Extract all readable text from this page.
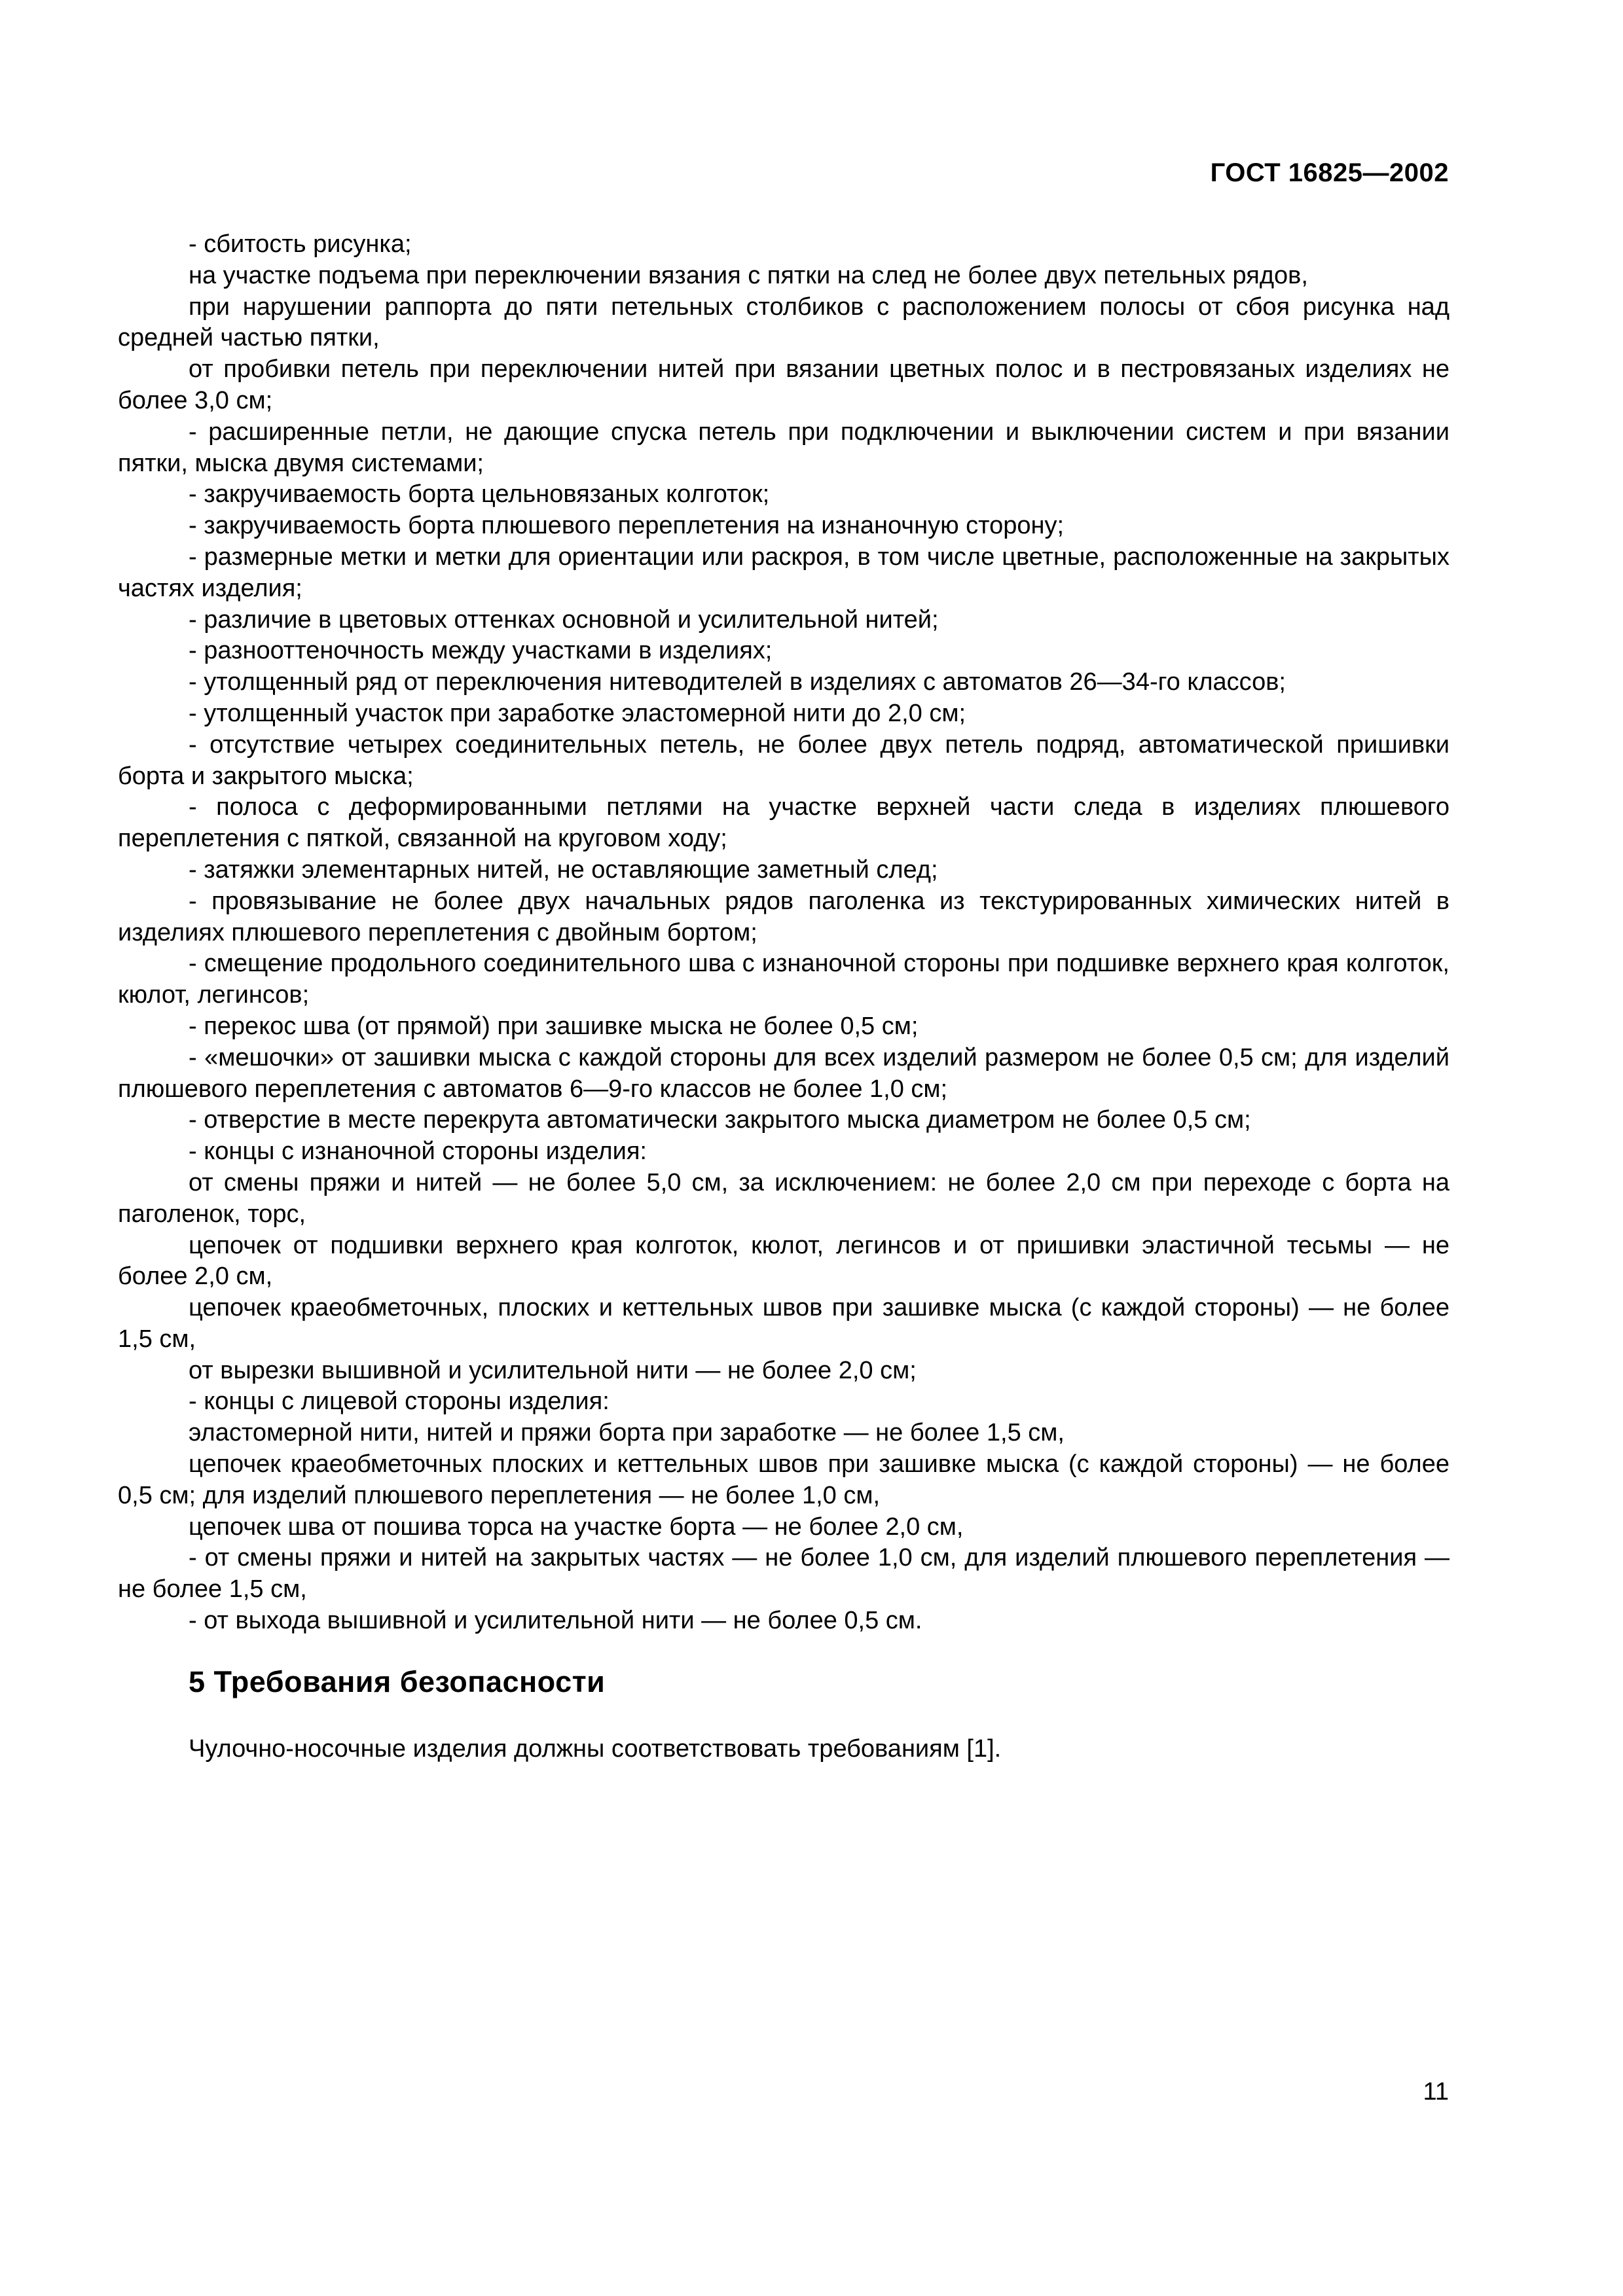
ГОСТ 16825—2002

- сбитость рисунка;

на участке подъема при переключении вязания с пятки на след не более двух петельных рядов,

при нарушении раппорта до пяти петельных столбиков с расположением полосы от сбоя рисунка над средней частью пятки,

от пробивки петель при переключении нитей при вязании цветных полос и в пестровязаных изделиях не более 3,0 см;

- расширенные петли, не дающие спуска петель при подключении и выключении систем и при вязании пятки, мыска двумя системами;

- закручиваемость борта цельновязаных колготок;

- закручиваемость борта плюшевого переплетения на изнаночную сторону;

- размерные метки и метки для ориентации или раскроя, в том числе цветные, расположенные на закрытых частях изделия;

- различие в цветовых оттенках основной и усилительной нитей;

- разнооттеночность между участками в изделиях;

- утолщенный ряд от переключения нитеводителей в изделиях с автоматов 26—34-го классов;

- утолщенный участок при заработке эластомерной нити до 2,0 см;

- отсутствие четырех соединительных петель, не более двух петель подряд, автоматической пришивки борта и закрытого мыска;

- полоса с деформированными петлями на участке верхней части следа в изделиях плюшевого переплетения с пяткой, связанной на круговом ходу;

- затяжки элементарных нитей, не оставляющие заметный след;

- провязывание не более двух начальных рядов паголенка из текстурированных химических нитей в изделиях плюшевого переплетения с двойным бортом;

- смещение продольного соединительного шва с изнаночной стороны при подшивке верхнего края колготок, кюлот, легинсов;

- перекос шва (от прямой) при зашивке мыска не более 0,5 см;

- «мешочки» от зашивки мыска с каждой стороны для всех изделий размером не более 0,5 см; для изделий плюшевого переплетения с автоматов 6—9-го классов не более 1,0 см;

- отверстие в месте перекрута автоматически закрытого мыска диаметром не более 0,5 см;

- концы с изнаночной стороны изделия:

от смены пряжи и нитей — не более 5,0 см, за исключением: не более 2,0 см при переходе с борта на паголенок, торс,

цепочек от подшивки верхнего края колготок, кюлот, легинсов и от пришивки эластичной тесьмы — не более 2,0 см,

цепочек краеобметочных, плоских и кеттельных швов при зашивке мыска (с каждой стороны) — не более 1,5 см,

от вырезки вышивной и усилительной нити — не более 2,0 см;

- концы с лицевой стороны изделия:

эластомерной нити, нитей и пряжи борта при заработке — не более 1,5 см,

цепочек краеобметочных плоских и кеттельных швов при зашивке мыска (с каждой стороны) — не более 0,5 см; для изделий плюшевого переплетения — не более 1,0 см,

цепочек шва от пошива торса на участке борта — не более 2,0 см,

- от смены пряжи и нитей на закрытых частях — не более 1,0 см, для изделий плюшевого переплетения — не более 1,5 см,

- от выхода вышивной и усилительной нити — не более 0,5 см.

5 Требования безопасности

Чулочно-носочные изделия должны соответствовать требованиям [1].

11
